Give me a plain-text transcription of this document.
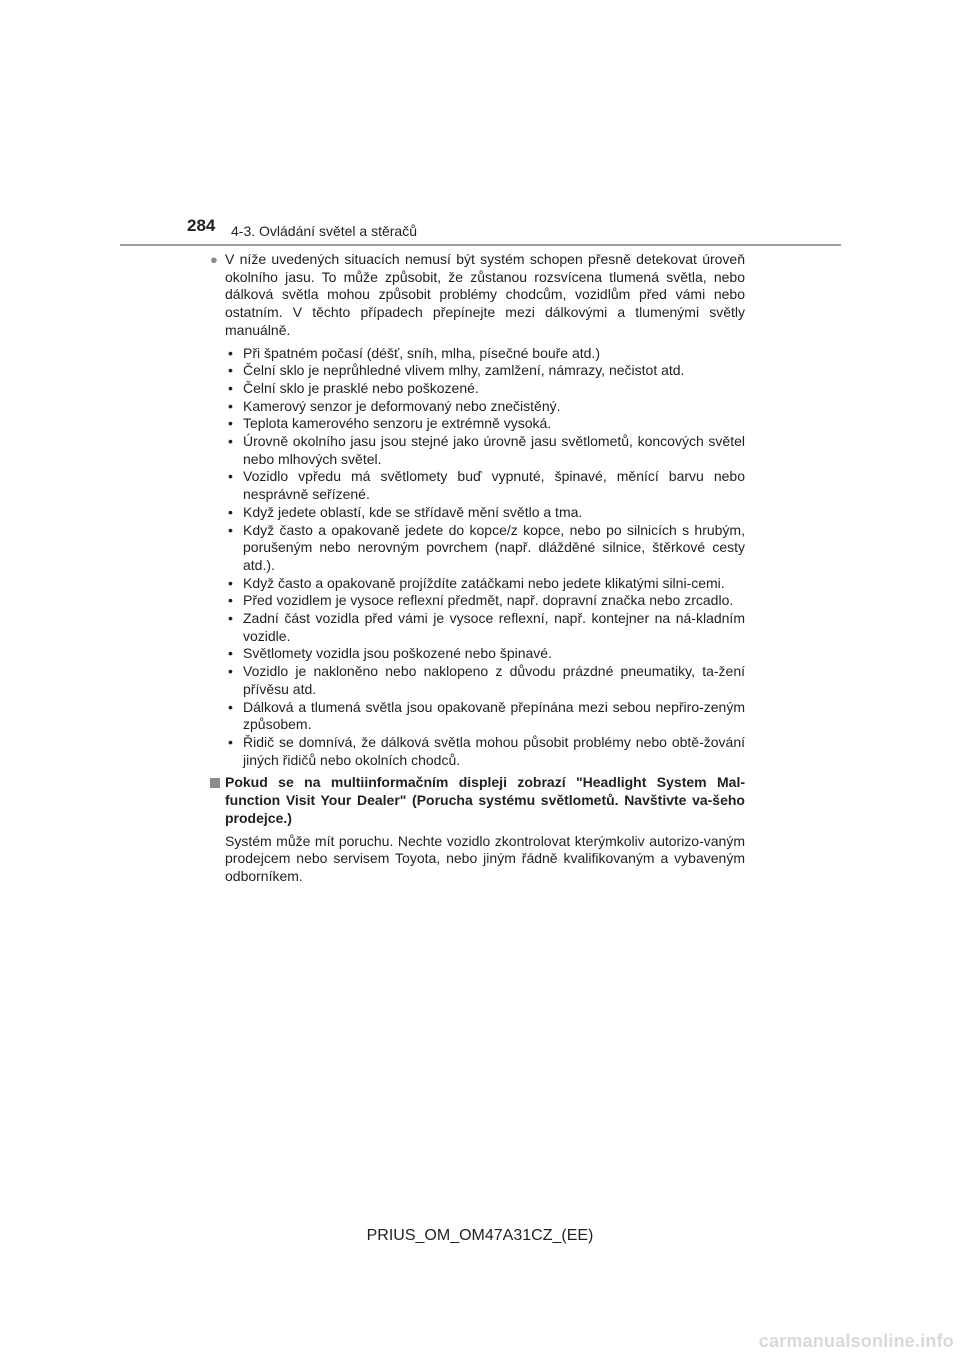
284 4-3. Ovládání světel a stěračů
● V níže uvedených situacích nemusí být systém schopen přesně detekovat úroveň okolního jasu. To může způsobit, že zůstanou rozsvícena tlumená světla, nebo dálková světla mohou způsobit problémy chodcům, vozidlům před vámi nebo ostatním. V těchto případech přepínejte mezi dálkovými a tlumenými světly manuálně.
• Při špatném počasí (déšť, sníh, mlha, písečné bouře atd.)
• Čelní sklo je neprůhledné vlivem mlhy, zamlžení, námrazy, nečistot atd.
• Čelní sklo je prasklé nebo poškozené.
• Kamerový senzor je deformovaný nebo znečistěný.
• Teplota kamerového senzoru je extrémně vysoká.
• Úrovně okolního jasu jsou stejné jako úrovně jasu světlometů, koncových světel nebo mlhových světel.
• Vozidlo vpředu má světlomety buď vypnuté, špinavé, měnící barvu nebo nesprávně seřízené.
• Když jedete oblastí, kde se střídavě mění světlo a tma.
• Když často a opakovaně jedete do kopce/z kopce, nebo po silnicích s hrubým, porušeným nebo nerovným povrchem (např. dlážděné silnice, štěrkové cesty atd.).
• Když často a opakovaně projíždíte zatáčkami nebo jedete klikatými silni-cemi.
• Před vozidlem je vysoce reflexní předmět, např. dopravní značka nebo zrcadlo.
• Zadní část vozidla před vámi je vysoce reflexní, např. kontejner na ná-kladním vozidle.
• Světlomety vozidla jsou poškozené nebo špinavé.
• Vozidlo je nakloněno nebo naklopeno z důvodu prázdné pneumatiky, ta-žení přívěsu atd.
• Dálková a tlumená světla jsou opakovaně přepínána mezi sebou nepřiro-zeným způsobem.
• Řidič se domnívá, že dálková světla mohou působit problémy nebo obtě-žování jiných řidičů nebo okolních chodců.
Pokud se na multiinformačním displeji zobrazí "Headlight System Mal-function Visit Your Dealer" (Porucha systému světlometů. Navštivte va-šeho prodejce.)
Systém může mít poruchu. Nechte vozidlo zkontrolovat kterýmkoliv autorizo-vaným prodejcem nebo servisem Toyota, nebo jiným řádně kvalifikovaným a vybaveným odborníkem.
PRIUS_OM_OM47A31CZ_(EE)
carmanualsonline.info
